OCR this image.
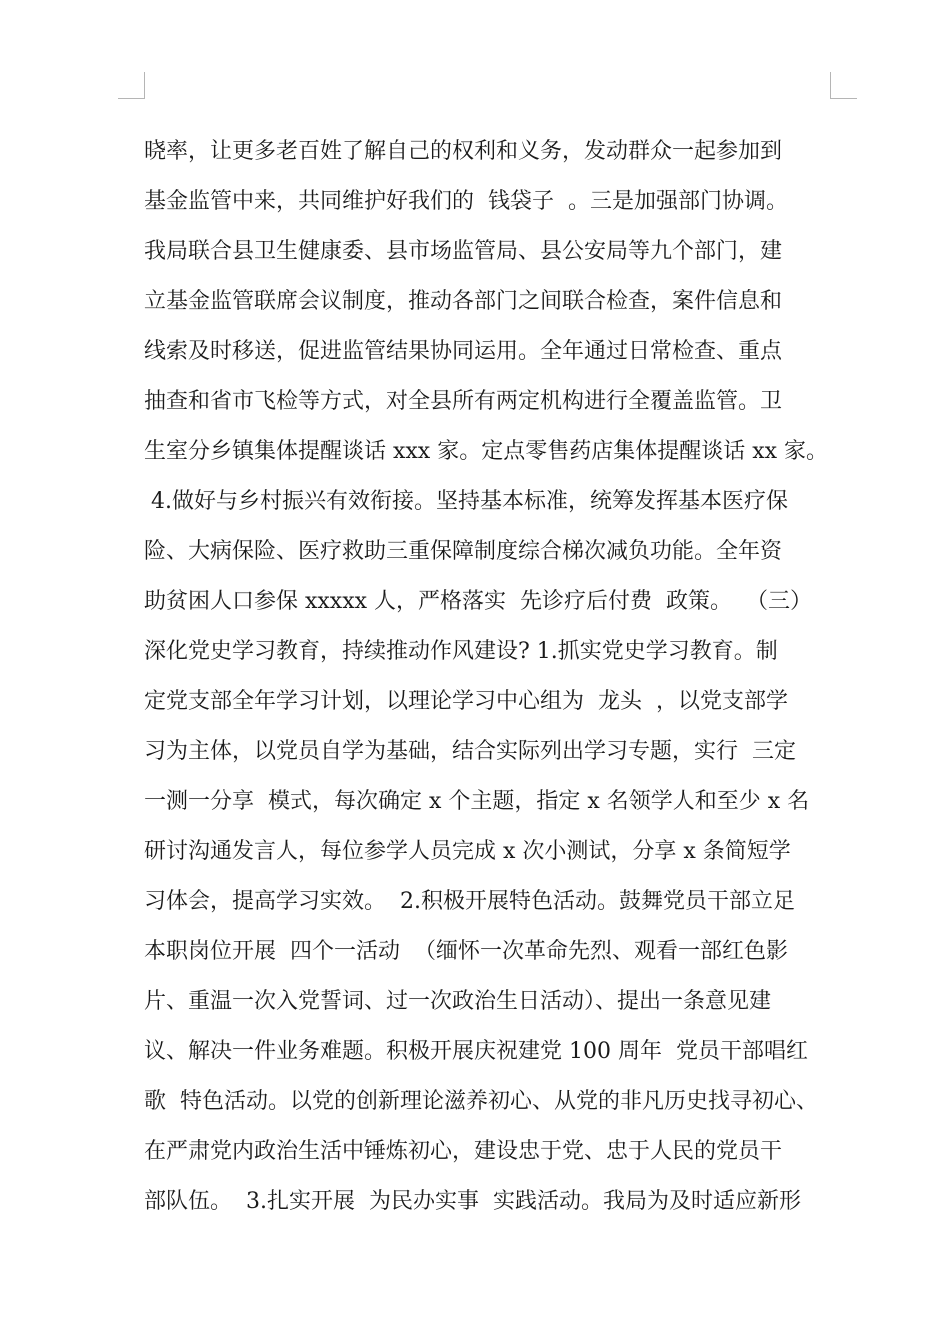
晓率，让更多老百姓了解自己的权利和义务，发动群众一起参加到
基金监管中来，共同维护好我们的  钱袋子  。三是加强部门协调。
我局联合县卫生健康委、县市场监管局、县公安局等九个部门，建
立基金监管联席会议制度，推动各部门之间联合检查，案件信息和
线索及时移送，促进监管结果协同运用。全年通过日常检查、重点
抽查和省市飞检等方式，对全县所有两定机构进行全覆盖监管。卫
生室分乡镇集体提醒谈话 xxx 家。定点零售药店集体提醒谈话 xx 家。
4.做好与乡村振兴有效衔接。坚持基本标准，统筹发挥基本医疗保
险、大病保险、医疗救助三重保障制度综合梯次减负功能。全年资
助贫困人口参保 xxxxx 人，严格落实  先诊疗后付费  政策。  （三）
深化党史学习教育，持续推动作风建设? 1.抓实党史学习教育。制
定党支部全年学习计划，以理论学习中心组为  龙头  ，以党支部学
习为主体，以党员自学为基础，结合实际列出学习专题，实行  三定
一测一分享  模式，每次确定 x 个主题，指定 x 名领学人和至少 x 名
研讨沟通发言人，每位参学人员完成 x 次小测试，分享 x 条简短学
习体会，提高学习实效。  2.积极开展特色活动。鼓舞党员干部立足
本职岗位开展  四个一活动  （缅怀一次革命先烈、观看一部红色影
片、重温一次入党誓词、过一次政治生日活动）、提出一条意见建
议、解决一件业务难题。积极开展庆祝建党 100 周年  党员干部唱红
歌  特色活动。以党的创新理论滋养初心、从党的非凡历史找寻初心、
在严肃党内政治生活中锤炼初心，建设忠于党、忠于人民的党员干
部队伍。  3.扎实开展  为民办实事  实践活动。我局为及时适应新形
